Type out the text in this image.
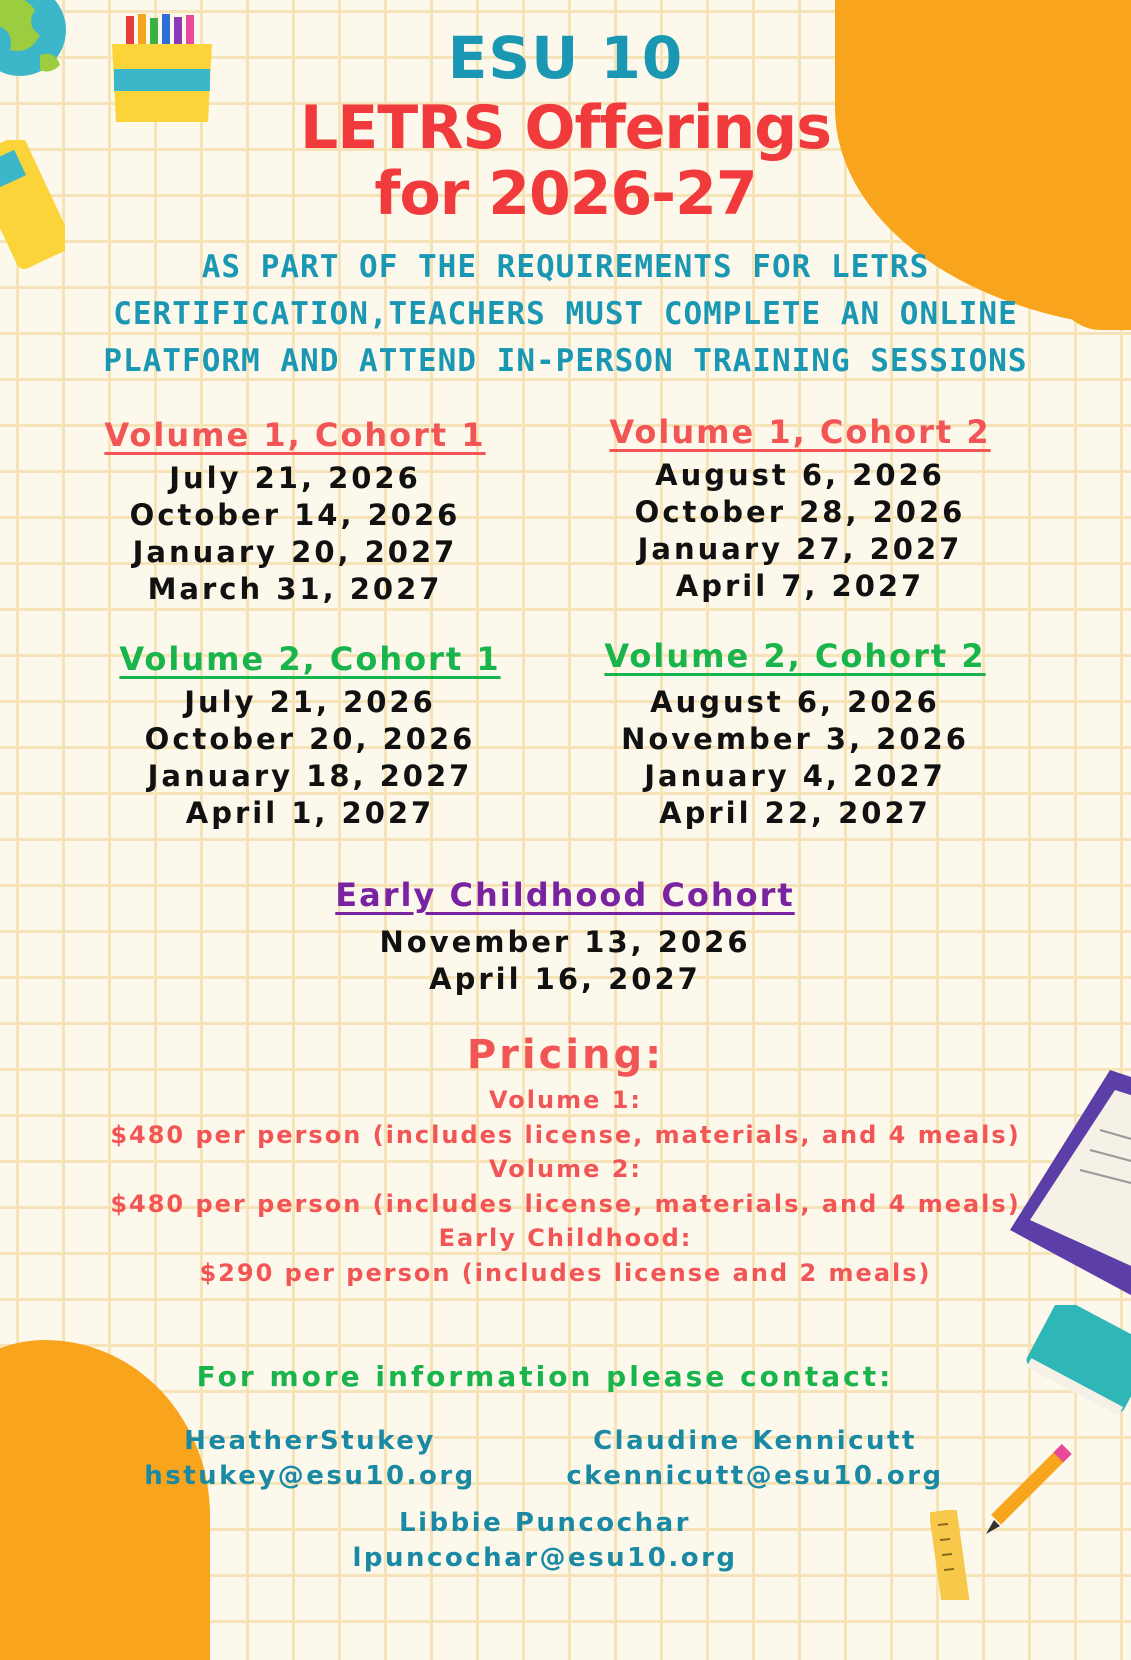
ESU 10
LETRS Offerings
for 2026-27
AS PART OF THE REQUIREMENTS FOR LETRS
CERTIFICATION,TEACHERS MUST COMPLETE AN ONLINE
PLATFORM AND ATTEND IN-PERSON TRAINING SESSIONS
Volume 1, Cohort 1
July 21, 2026
October 14, 2026
January 20, 2027
March 31, 2027
Volume 1, Cohort 2
August 6, 2026
October 28, 2026
January 27, 2027
April 7, 2027
Volume 2, Cohort 1
July 21, 2026
October 20, 2026
January 18, 2027
April 1, 2027
Volume 2, Cohort 2
August 6, 2026
November 3, 2026
January 4, 2027
April 22, 2027
Early Childhood Cohort
November 13, 2026
April 16, 2027
Pricing:
Volume 1:
$480 per person (includes license, materials, and 4 meals)
Volume 2:
$480 per person (includes license, materials, and 4 meals)
Early Childhood:
$290 per person (includes license and 2 meals)
For more information please contact:
HeatherStukey
hstukey@esu10.org
Claudine Kennicutt
ckennicutt@esu10.org
Libbie Puncochar
lpuncochar@esu10.org
